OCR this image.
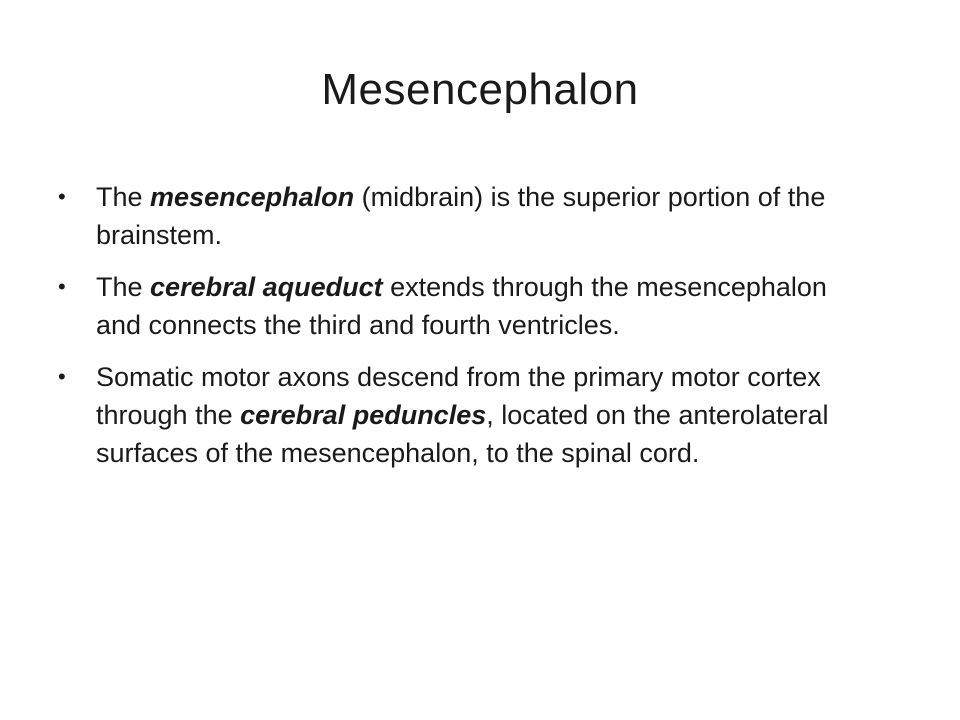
Mesencephalon
• The mesencephalon (midbrain) is the superior portion of the brainstem.
• The cerebral aqueduct extends through the mesencephalon and connects the third and fourth ventricles.
• Somatic motor axons descend from the primary motor cortex through the cerebral peduncles, located on the anterolateral surfaces of the mesencephalon, to the spinal cord.
